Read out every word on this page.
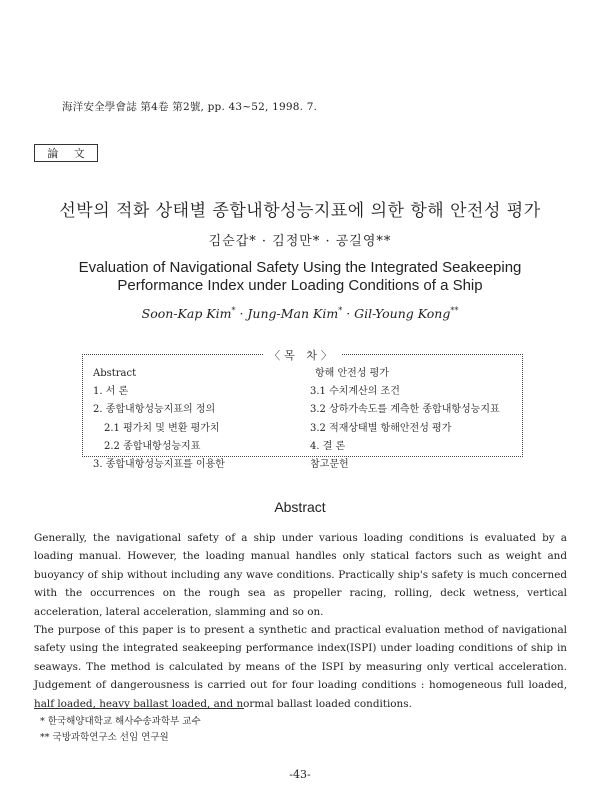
海洋安全學會誌 第4卷 第2號, pp. 43~52, 1998. 7.
論 文
선박의 적화 상태별 종합내항성능지표에 의한 항해 안전성 평가
김순갑* · 김정만* · 공길영**
Evaluation of Navigational Safety Using the Integrated Seakeeping
Performance Index under Loading Conditions of a Ship
Soon-Kap Kim* · Jung-Man Kim* · Gil-Young Kong**
〈목 차〉
Abstract
1. 서 론
2. 종합내항성능지표의 정의
2.1 평가치 및 변환 평가치
2.2 종합내항성능지표
3. 종합내항성능지표를 이용한
항해 안전성 평가
3.1 수치계산의 조건
3.2 상하가속도를 계측한 종합내항성능지표
3.2 적재상태별 항해안전성 평가
4. 결 론
참고문헌
Abstract

Generally, the navigational safety of a ship under various loading conditions is evaluated by a loading manual. However, the loading manual handles only statical factors such as weight and buoyancy of ship without including any wave conditions. Practically ship's safety is much concerned with the occurrences on the rough sea as propeller racing, rolling, deck wetness, vertical acceleration, lateral acceleration, slamming and so on.

The purpose of this paper is to present a synthetic and practical evaluation method of navigational safety using the integrated seakeeping performance index(ISPI) under loading conditions of ship in seaways. The method is calculated by means of the ISPI by measuring only vertical acceleration. Judgement of dangerousness is carried out for four loading conditions : homogeneous full loaded, half loaded, heavy ballast loaded, and normal ballast loaded conditions.

* 한국해양대학교 해사수송과학부 교수
** 국방과학연구소 선임 연구원
-43-
